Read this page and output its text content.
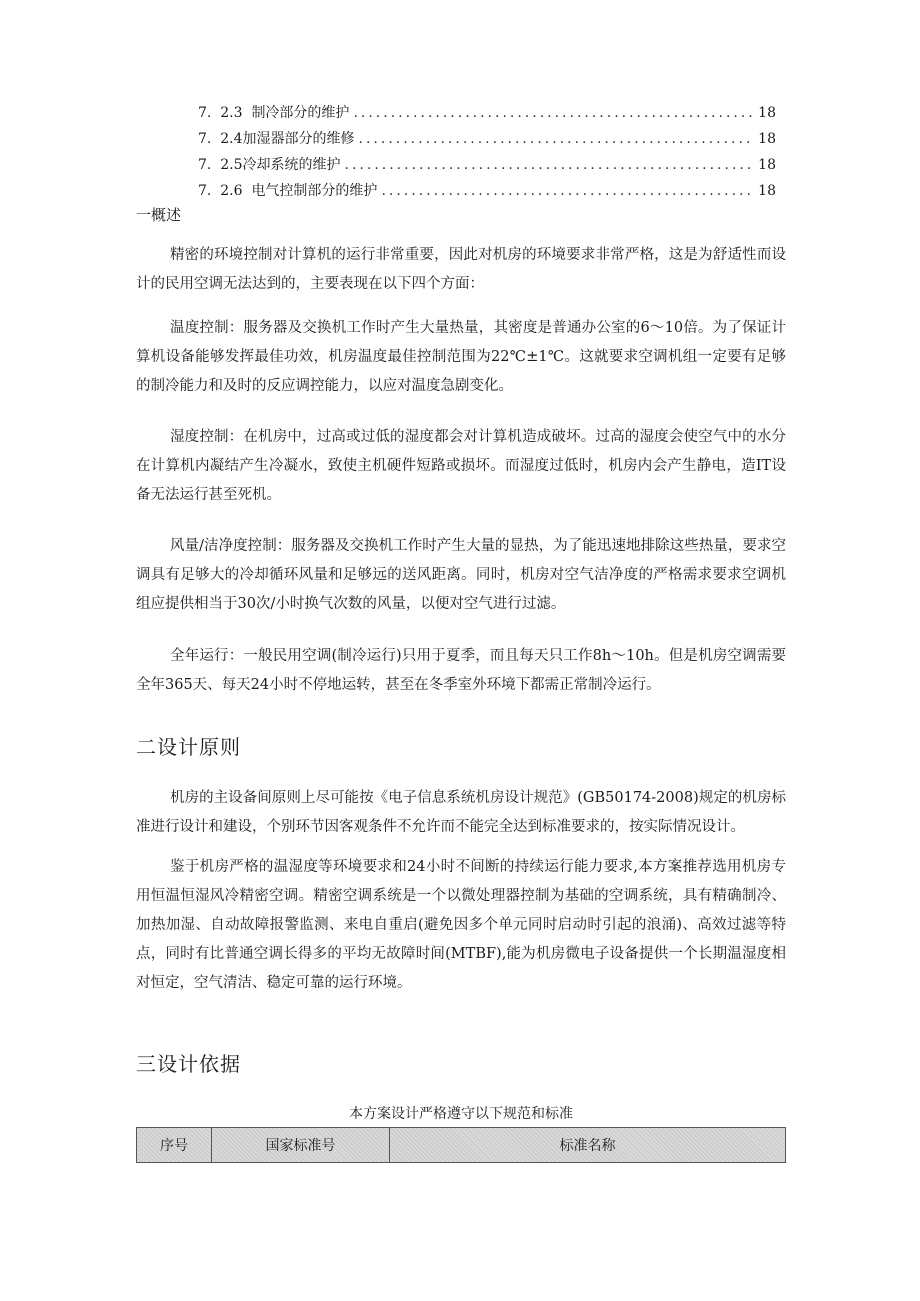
7. 2.3 制冷部分的维护 .....	18
7. 2.4加湿器部分的维修 .....	18
7. 2.5冷却系统的维护 .....	18
7. 2.6 电气控制部分的维护 .....	18
一概述

精密的环境控制对计算机的运行非常重要，因此对机房的环境要求非常严格，这是为舒适性而设计的民用空调无法达到的，主要表现在以下四个方面：

温度控制：服务器及交换机工作时产生大量热量，其密度是普通办公室的6～10倍。为了保证计算机设备能够发挥最佳功效，机房温度最佳控制范围为22℃±1℃。这就要求空调机组一定要有足够的制冷能力和及时的反应调控能力，以应对温度急剧变化。

湿度控制：在机房中，过高或过低的湿度都会对计算机造成破坏。过高的湿度会使空气中的水分在计算机内凝结产生冷凝水，致使主机硬件短路或损坏。而湿度过低时，机房内会产生静电，造IT设备无法运行甚至死机。

风量/洁净度控制：服务器及交换机工作时产生大量的显热，为了能迅速地排除这些热量，要求空调具有足够大的冷却循环风量和足够远的送风距离。同时，机房对空气洁净度的严格需求要求空调机组应提供相当于30次/小时换气次数的风量，以便对空气进行过滤。

全年运行：一般民用空调(制冷运行)只用于夏季，而且每天只工作8h～10h。但是机房空调需要全年365天、每天24小时不停地运转，甚至在冬季室外环境下都需正常制冷运行。

二设计原则

机房的主设备间原则上尽可能按《电子信息系统机房设计规范》(GB50174-2008)规定的机房标准进行设计和建设，个别环节因客观条件不允许而不能完全达到标准要求的，按实际情况设计。

鉴于机房严格的温湿度等环境要求和24小时不间断的持续运行能力要求,本方案推荐选用机房专用恒温恒湿风冷精密空调。精密空调系统是一个以微处理器控制为基础的空调系统，具有精确制冷、加热加湿、自动故障报警监测、来电自重启(避免因多个单元同时启动时引起的浪涌)、高效过滤等特点，同时有比普通空调长得多的平均无故障时间(MTBF),能为机房微电子设备提供一个长期温湿度相对恒定，空气清洁、稳定可靠的运行环境。

三设计依据
本方案设计严格遵守以下规范和标准
序号	国家标准号	标准名称
